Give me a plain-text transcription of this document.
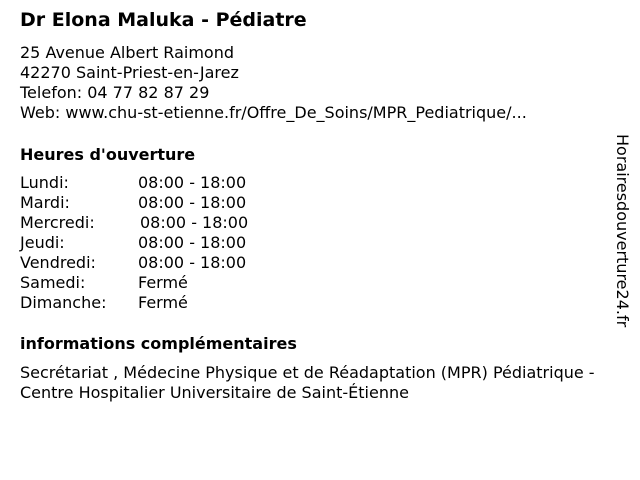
Dr Elona Maluka - Pédiatre
25 Avenue Albert Raimond
42270 Saint-Priest-en-Jarez
Telefon: 04 77 82 87 29
Web: www.chu-st-etienne.fr/Offre_De_Soins/MPR_Pediatrique/...
Heures d'ouverture
Lundi:	08:00 - 18:00
Mardi:	08:00 - 18:00
Mercredi:	08:00 - 18:00
Jeudi:	08:00 - 18:00
Vendredi:	08:00 - 18:00
Samedi:	Fermé
Dimanche: Fermé
informations complémentaires
Secrétariat , Médecine Physique et de Réadaptation (MPR) Pédiatrique - Centre Hospitalier Universitaire de Saint-Étienne
Horairesdouverture24.fr
